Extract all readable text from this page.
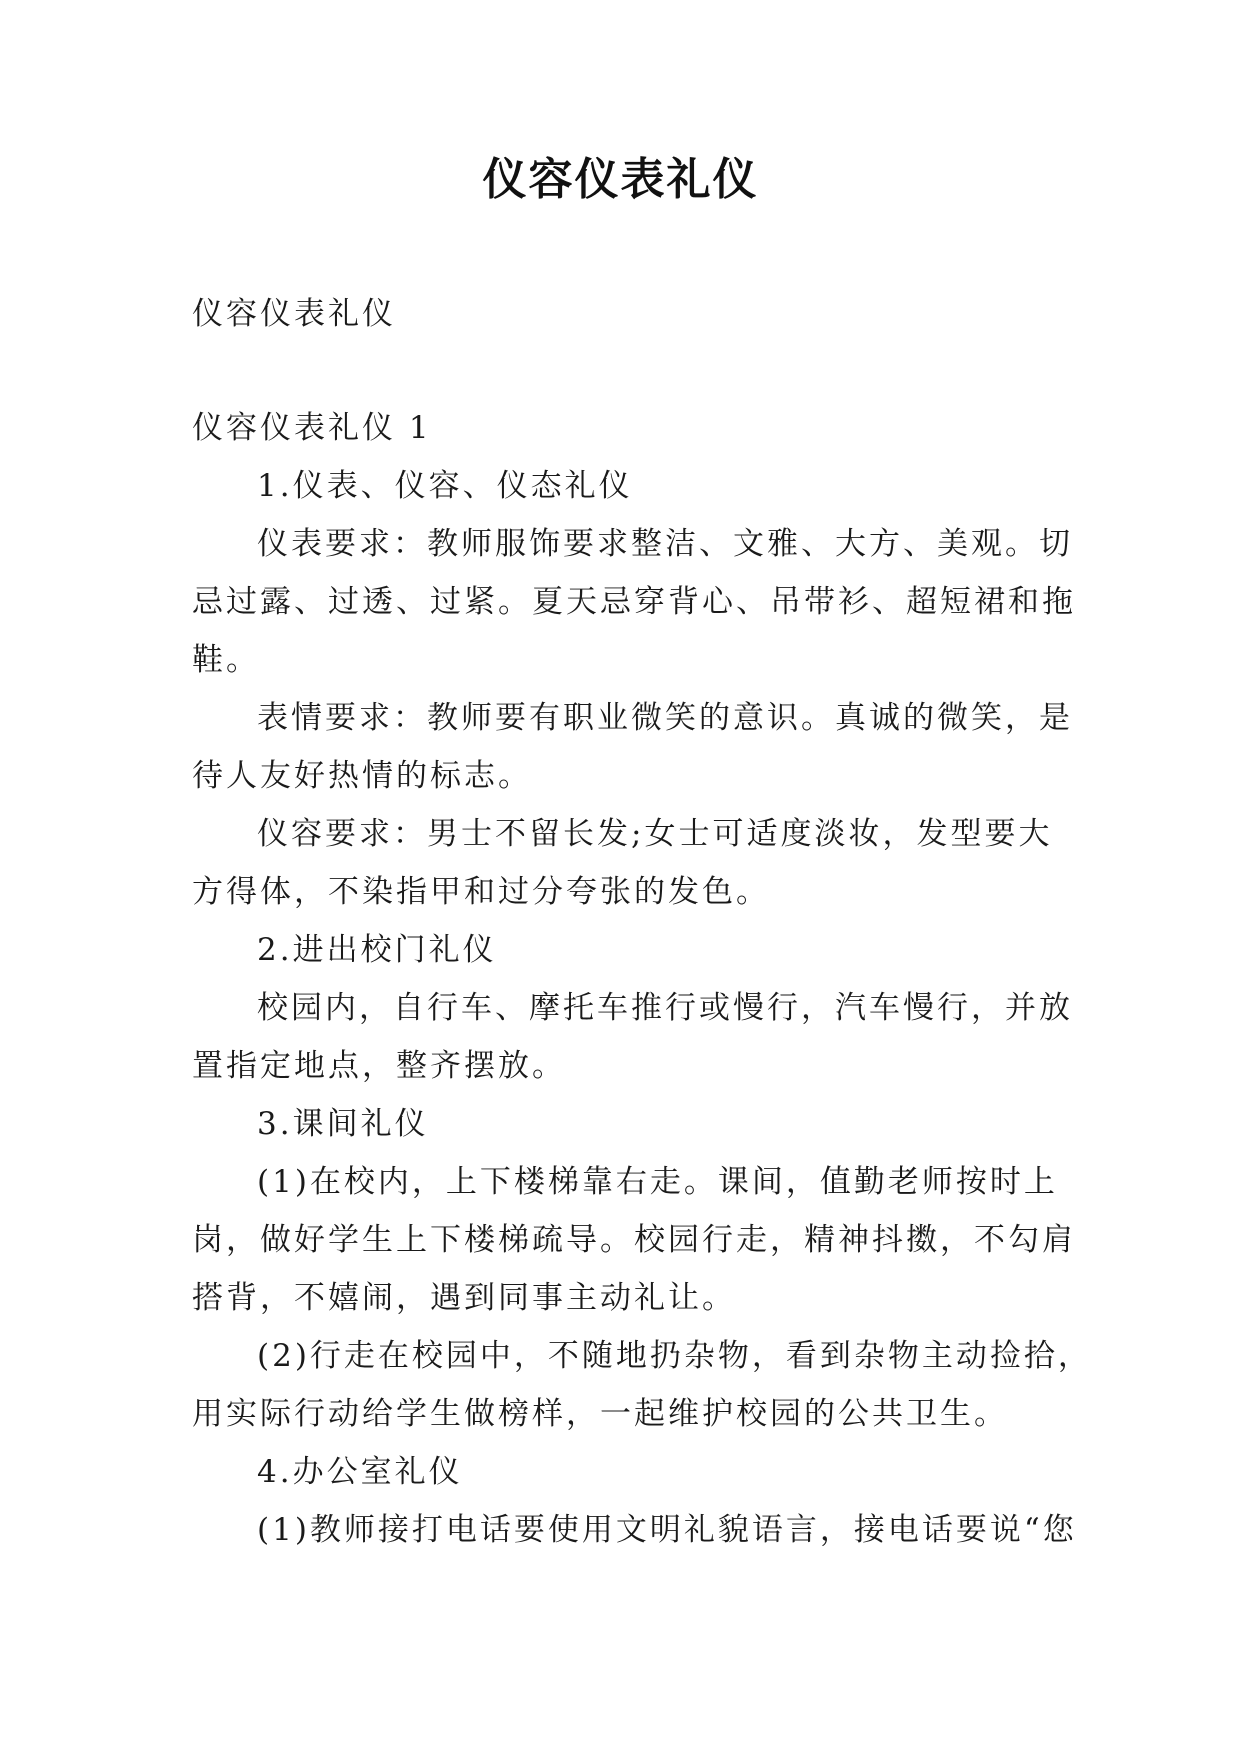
仪容仪表礼仪
仪容仪表礼仪
仪容仪表礼仪 1
1.仪表、仪容、仪态礼仪
仪表要求：教师服饰要求整洁、文雅、大方、美观。切
忌过露、过透、过紧。夏天忌穿背心、吊带衫、超短裙和拖
鞋。
表情要求：教师要有职业微笑的意识。真诚的微笑，是
待人友好热情的标志。
仪容要求：男士不留长发;女士可适度淡妆，发型要大
方得体，不染指甲和过分夸张的发色。
2.进出校门礼仪
校园内，自行车、摩托车推行或慢行，汽车慢行，并放
置指定地点，整齐摆放。
3.课间礼仪
(1)在校内，上下楼梯靠右走。课间，值勤老师按时上
岗，做好学生上下楼梯疏导。校园行走，精神抖擞，不勾肩
搭背，不嬉闹，遇到同事主动礼让。
(2)行走在校园中，不随地扔杂物，看到杂物主动捡拾，
用实际行动给学生做榜样，一起维护校园的公共卫生。
4.办公室礼仪
(1)教师接打电话要使用文明礼貌语言，接电话要说“您
